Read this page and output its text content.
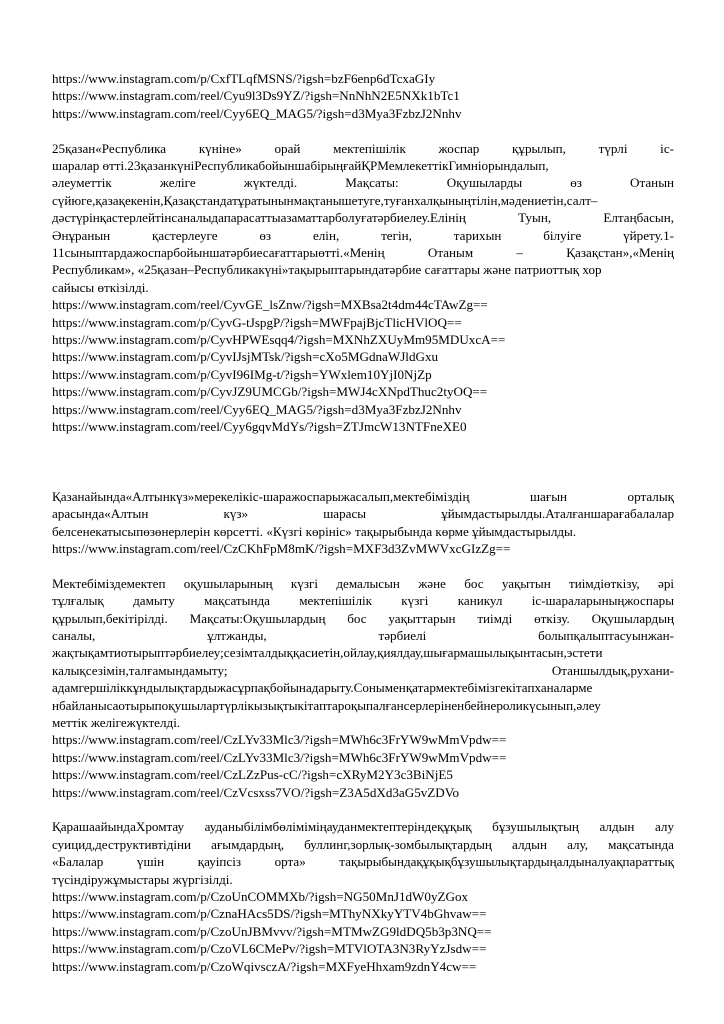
https://www.instagram.com/p/CxfTLqfMSNS/?igsh=bzF6enp6dTcxaGIy
https://www.instagram.com/reel/Cyu9l3Ds9YZ/?igsh=NnNhN2E5NXk1bTc1
https://www.instagram.com/reel/Cyy6EQ_MAG5/?igsh=d3Mya3FzbzJ2Nnhv
25қазан«Республика күніне» орай мектепішілік жоспар құрылып, түрлі іс-
шаралар өтті.23қазанкүніРеспубликабойыншабірыңғайҚРМемлекеттікГимніорындалып,
әлеуметтік желіге жүктелді. Мақсаты: Оқушыларды өз Отанын
сүйюге,қазақекенін,Қазақстандатұратынынмақтанышетуге,туғанхалқыныңтілін,мәдениетін,салт–
дәстүрінқастерлейтінсаналыдапарасаттыазаматтарболуғатәрбиелеу.Елінің Туын, Елтаңбасын,
Әнұранын қастерлеуге өз елін, тегін, тарихын білуіге үйрету.1-
11сыныптардажоспарбойыншатәрбиесағаттарыөтті.«Менің Отаным – Қазақстан»,«Менің
Республикам», «25қазан–Республикакүні»тақырыптарындатәрбие сағаттары және патриоттық хор
сайысы өткізілді.
https://www.instagram.com/reel/CyvGE_lsZnw/?igsh=MXBsa2t4dm44cTAwZg==
https://www.instagram.com/p/CyvG-tJspgP/?igsh=MWFpajBjcTlicHVlOQ==
https://www.instagram.com/p/CyvHPWEsqq4/?igsh=MXNhZXUyMm95MDUxcA==
https://www.instagram.com/p/CyvIJsjMTsk/?igsh=cXo5MGdnaWJldGxu
https://www.instagram.com/p/CyvI96IMg-t/?igsh=YWxlem10YjI0NjZp
https://www.instagram.com/p/CyvJZ9UMCGb/?igsh=MWJ4cXNpdThuc2tyOQ==
https://www.instagram.com/reel/Cyy6EQ_MAG5/?igsh=d3Mya3FzbzJ2Nnhv
https://www.instagram.com/reel/Cyy6gqvMdYs/?igsh=ZTJmcW13NTFneXE0
Қазанайында«Алтынкүз»мерекелікіс-шаражоспарыжасалып,мектебіміздің шағын орталық
арасында«Алтын күз» шарасы ұйымдастырылды.Аталғаншарағабалалар
белсенекатысыпөзөнерлерін көрсетті. «Күзгі көрініс» тақырыбында көрме ұйымдастырылды.
https://www.instagram.com/reel/CzCKhFpM8mK/?igsh=MXF3d3ZvMWVxcGIzZg==
Мектебіміздемектеп оқушыларының күзгі демалысын және бос уақытын тиімдіөткізу, әрі
тұлғалық дамыту мақсатында мектепішілік күзгі каникул іс-шараларыныңжоспары
құрылып,бекітірілді. Мақсаты:Оқушылардың бос уақыттарын тиімді өткізу. Оқушылардың
саналы, ұлтжанды, тәрбиелі болыпқалыптасуынжан-
жақтықамтиотырыптәрбиелеу;сезімталдыққасиетін,ойлау,қиялдау,шығармашылықынтасын,эстети
калықсезімін,талғамындамыту; Отаншылдық,рухани-
адамгершіліккұндылықтардыжасұрпақбойынадарыту.Соныменқатармектебімізгекітапханалармe
нбайланысаотырыпоқушылартүрлікызықтыкітаптароқыпалғансерлеріненбейнероликүсынып,әлеу
меттік желігежүктелді.
https://www.instagram.com/reel/CzLYv33Mlc3/?igsh=MWh6c3FrYW9wMmVpdw==
https://www.instagram.com/reel/CzLYv33Mlc3/?igsh=MWh6c3FrYW9wMmVpdw==
https://www.instagram.com/reel/CzLZzPus-cC/?igsh=cXRyM2Y3c3BiNjE5
https://www.instagram.com/reel/CzVcsxss7VO/?igsh=Z3A5dXd3aG5vZDVo
ҚарашаайындаХромтау ауданыбілімбөліміміңауданмектептеріндеқұқық бұзушылықтың алдын алу
суицид,деструктивтідіни ағымдардың, буллинг,зорлық-зомбылықтардың алдын алу, мақсатында
«Балалар үшін қауіпсіз орта» тақырыбындақұқықбұзушылықтардыңалдыналуақпараттық
түсіндіружұмыстары жүргізілді.
https://www.instagram.com/p/CzoUnCOMMXb/?igsh=NG50MnJ1dW0yZGox
https://www.instagram.com/p/CznaHAcs5DS/?igsh=MThyNXkyYTV4bGhvaw==
https://www.instagram.com/p/CzoUnJBMvvv/?igsh=MTMwZG9ldDQ5b3p3NQ==
https://www.instagram.com/p/CzoVL6CMePv/?igsh=MTVlOTA3N3RyYzJsdw==
https://www.instagram.com/p/CzoWqivsczA/?igsh=MXFyeHhxam9zdnY4cw==
